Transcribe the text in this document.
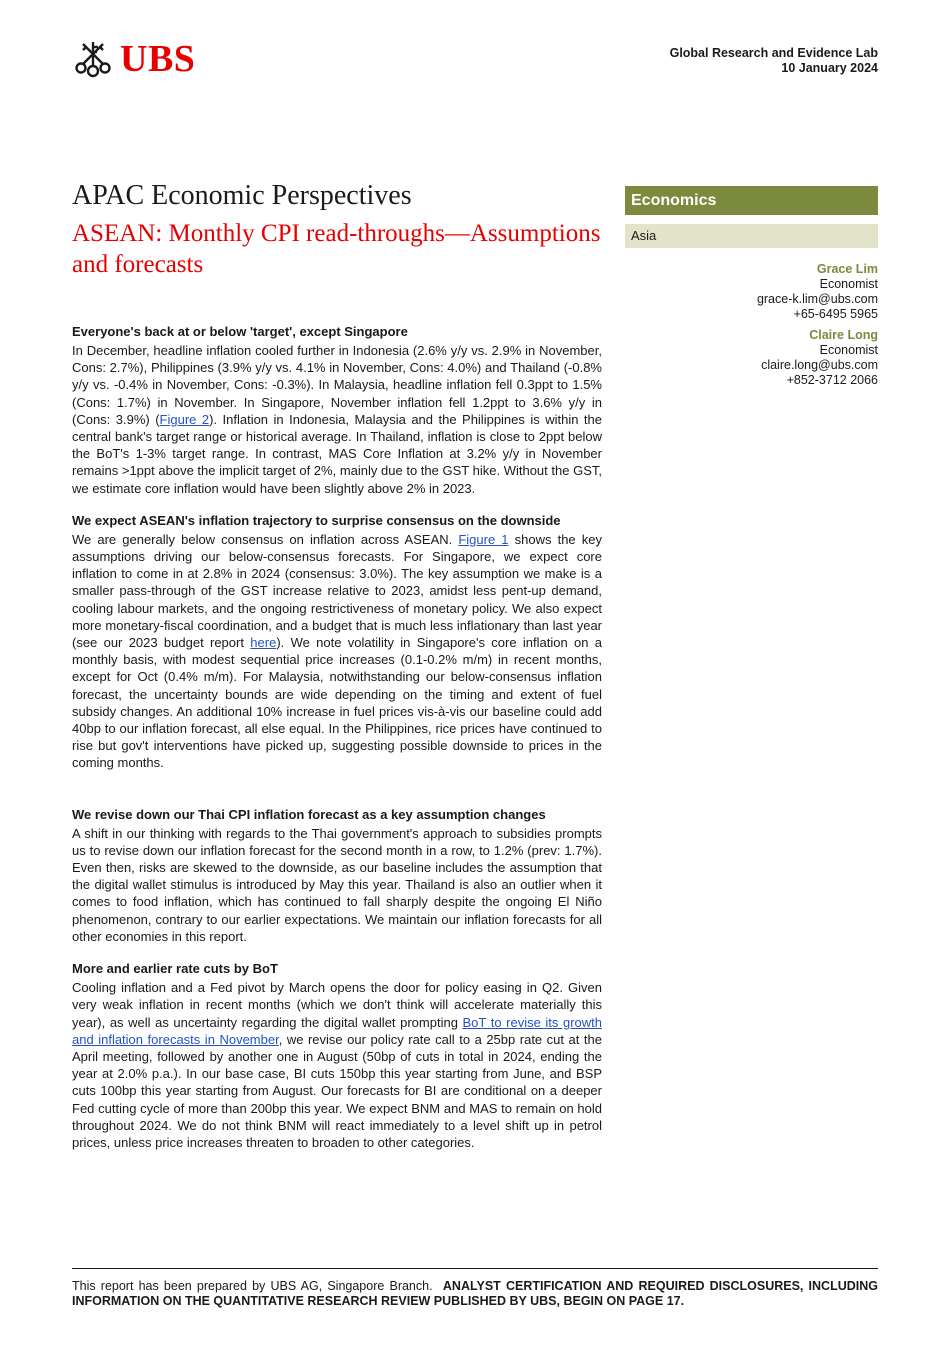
UBS	Global Research and Evidence Lab
10 January 2024
APAC Economic Perspectives
ASEAN: Monthly CPI read-throughs—Assumptions and forecasts
Economics
Asia
Grace Lim
Economist
grace-k.lim@ubs.com
+65-6495 5965
Claire Long
Economist
claire.long@ubs.com
+852-3712 2066
Everyone's back at or below 'target', except Singapore

In December, headline inflation cooled further in Indonesia (2.6% y/y vs. 2.9% in November, Cons: 2.7%), Philippines (3.9% y/y vs. 4.1% in November, Cons: 4.0%) and Thailand (-0.8% y/y vs. -0.4% in November, Cons: -0.3%). In Malaysia, headline inflation fell 0.3ppt to 1.5% (Cons: 1.7%) in November. In Singapore, November inflation fell 1.2ppt to 3.6% y/y in (Cons: 3.9%) (Figure 2). Inflation in Indonesia, Malaysia and the Philippines is within the central bank's target range or historical average. In Thailand, inflation is close to 2ppt below the BoT's 1-3% target range. In contrast, MAS Core Inflation at 3.2% y/y in November remains >1ppt above the implicit target of 2%, mainly due to the GST hike. Without the GST, we estimate core inflation would have been slightly above 2% in 2023.

We expect ASEAN's inflation trajectory to surprise consensus on the downside

We are generally below consensus on inflation across ASEAN. Figure 1 shows the key assumptions driving our below-consensus forecasts. For Singapore, we expect core inflation to come in at 2.8% in 2024 (consensus: 3.0%). The key assumption we make is a smaller pass-through of the GST increase relative to 2023, amidst less pent-up demand, cooling labour markets, and the ongoing restrictiveness of monetary policy. We also expect more monetary-fiscal coordination, and a budget that is much less inflationary than last year (see our 2023 budget report here). We note volatility in Singapore's core inflation on a monthly basis, with modest sequential price increases (0.1-0.2% m/m) in recent months, except for Oct (0.4% m/m). For Malaysia, notwithstanding our below-consensus inflation forecast, the uncertainty bounds are wide depending on the timing and extent of fuel subsidy changes. An additional 10% increase in fuel prices vis-à-vis our baseline could add 40bp to our inflation forecast, all else equal. In the Philippines, rice prices have continued to rise but gov't interventions have picked up, suggesting possible downside to prices in the coming months.

We revise down our Thai CPI inflation forecast as a key assumption changes

A shift in our thinking with regards to the Thai government's approach to subsidies prompts us to revise down our inflation forecast for the second month in a row, to 1.2% (prev: 1.7%). Even then, risks are skewed to the downside, as our baseline includes the assumption that the digital wallet stimulus is introduced by May this year. Thailand is also an outlier when it comes to food inflation, which has continued to fall sharply despite the ongoing El Niño phenomenon, contrary to our earlier expectations. We maintain our inflation forecasts for all other economies in this report.

More and earlier rate cuts by BoT

Cooling inflation and a Fed pivot by March opens the door for policy easing in Q2. Given very weak inflation in recent months (which we don't think will accelerate materially this year), as well as uncertainty regarding the digital wallet prompting BoT to revise its growth and inflation forecasts in November, we revise our policy rate call to a 25bp rate cut at the April meeting, followed by another one in August (50bp of cuts in total in 2024, ending the year at 2.0% p.a.). In our base case, BI cuts 150bp this year starting from June, and BSP cuts 100bp this year starting from August. Our forecasts for BI are conditional on a deeper Fed cutting cycle of more than 200bp this year. We expect BNM and MAS to remain on hold throughout 2024. We do not think BNM will react immediately to a level shift up in petrol prices, unless price increases threaten to broaden to other categories.

This report has been prepared by UBS AG, Singapore Branch. ANALYST CERTIFICATION AND REQUIRED DISCLOSURES, INCLUDING INFORMATION ON THE QUANTITATIVE RESEARCH REVIEW PUBLISHED BY UBS, BEGIN ON PAGE 17.
